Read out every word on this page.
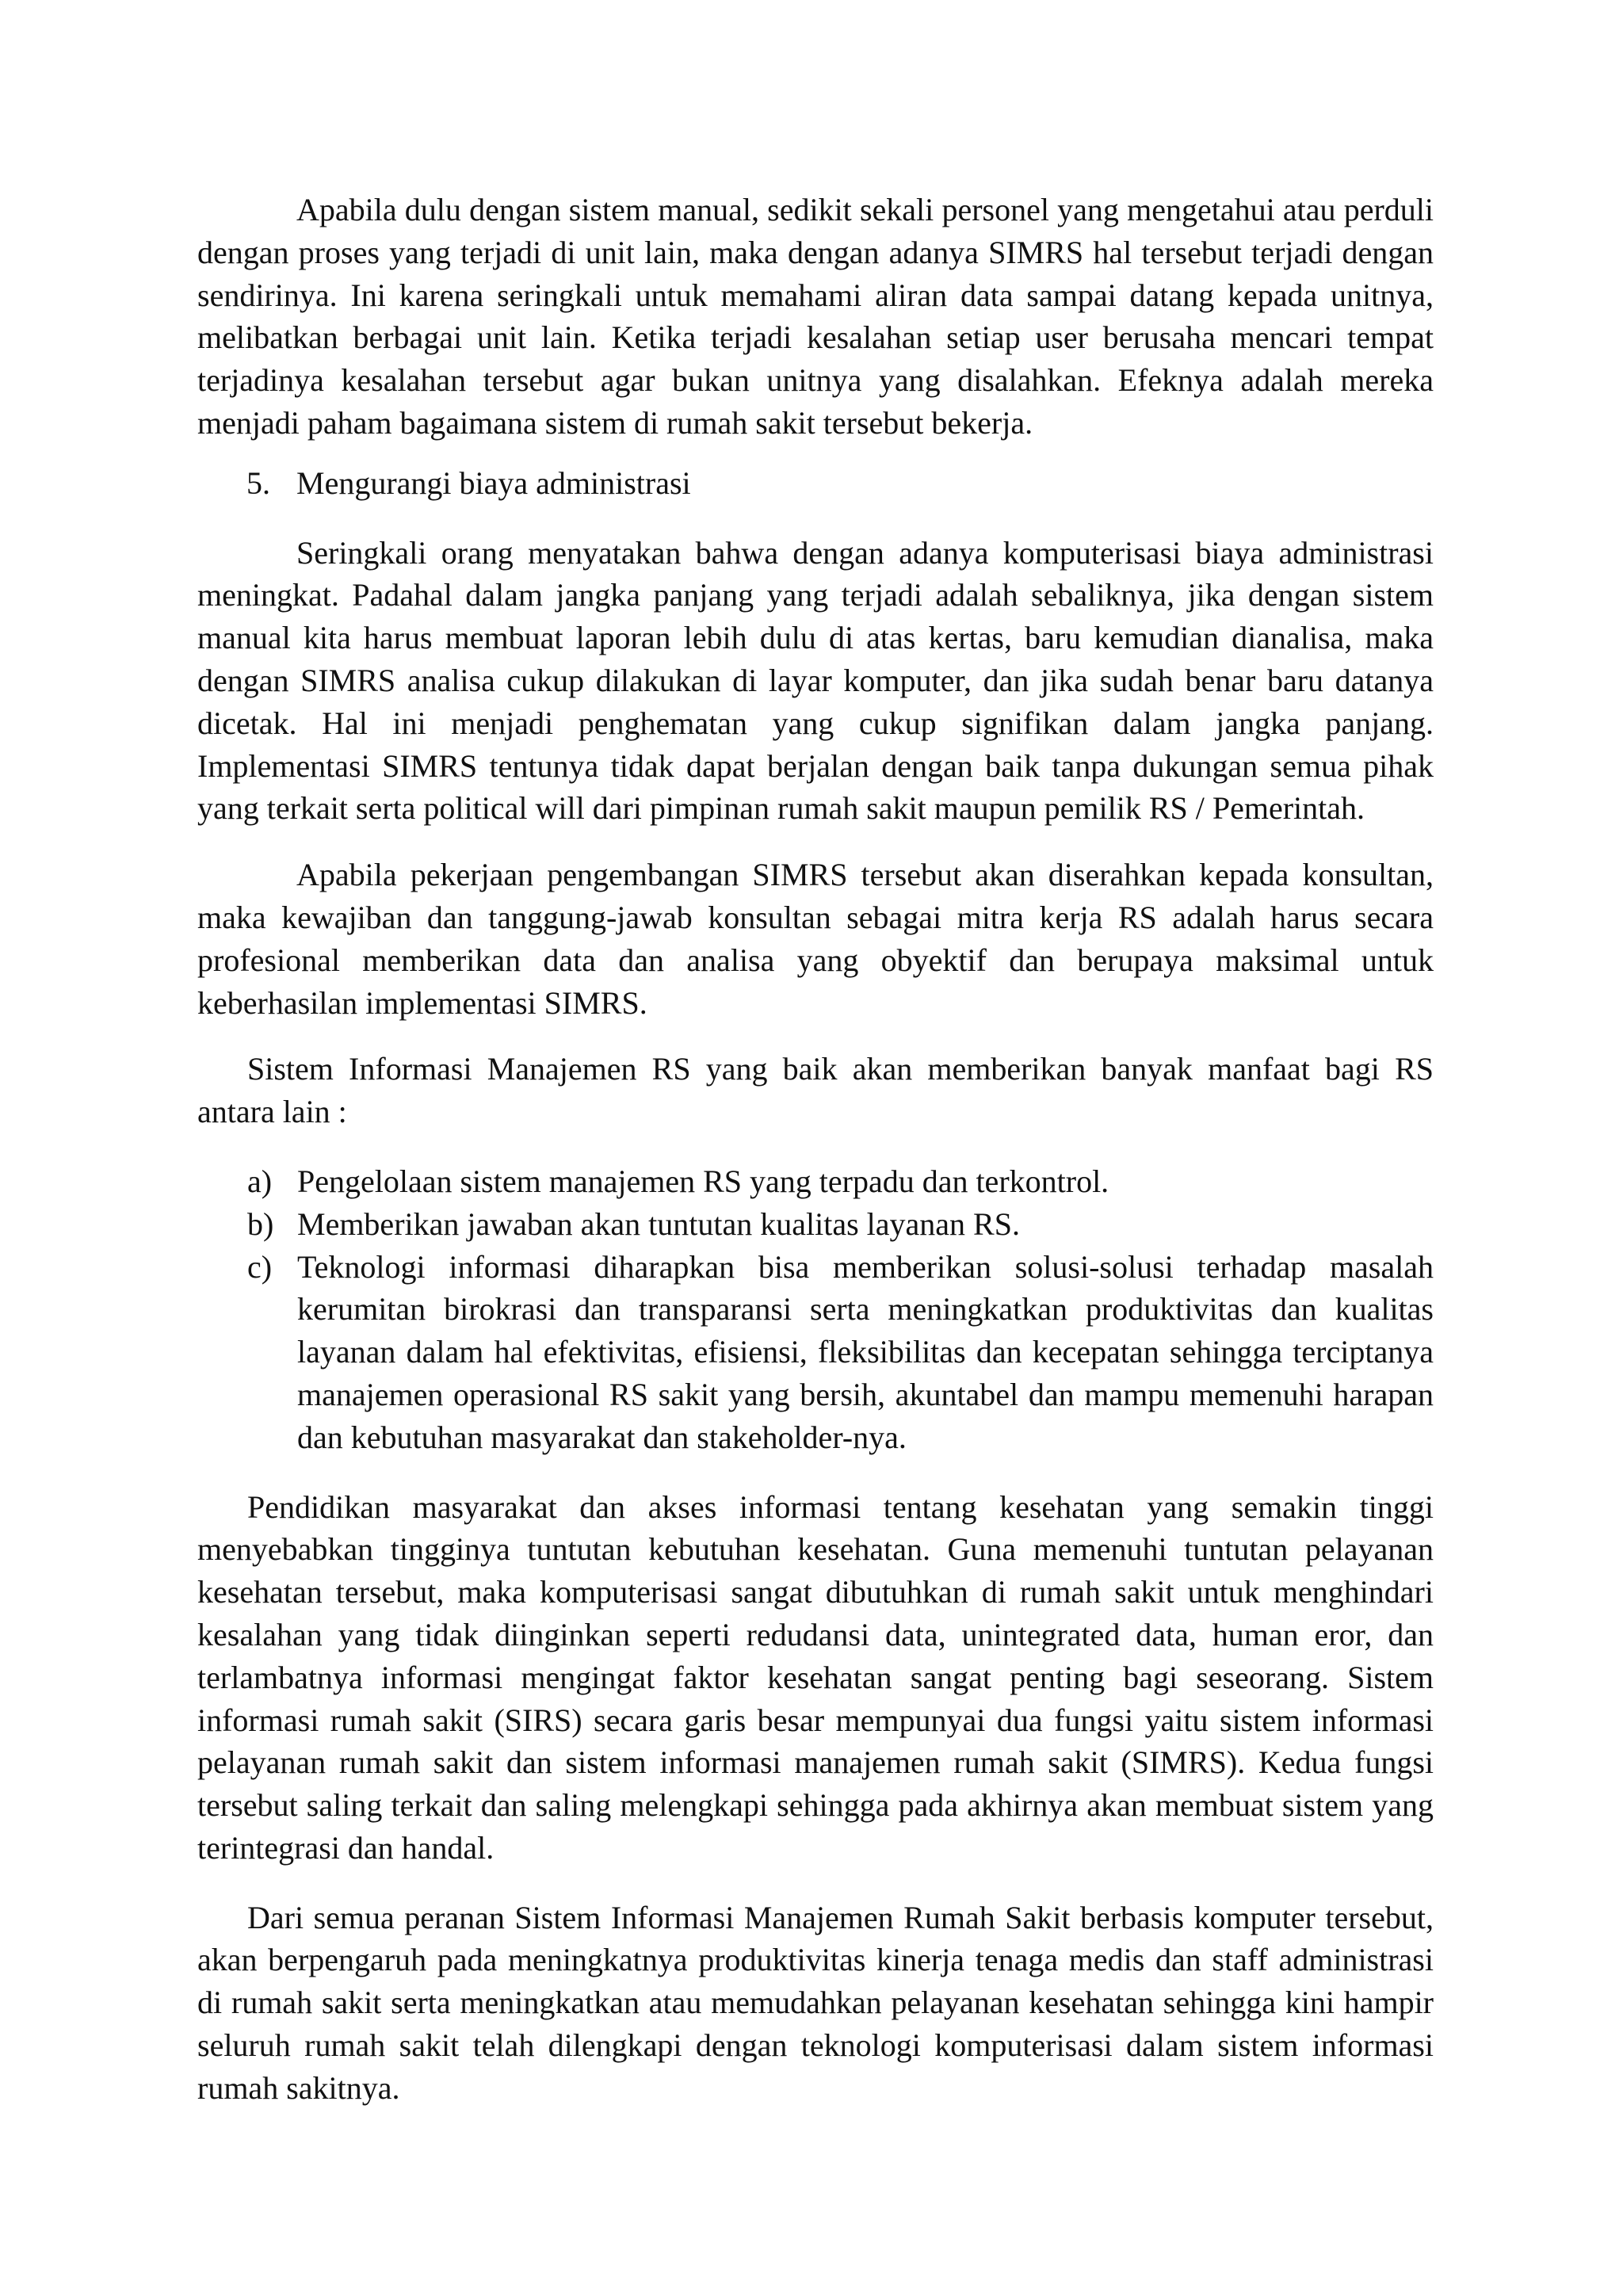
Apabila dulu dengan sistem manual, sedikit sekali personel yang mengetahui atau perduli dengan proses yang terjadi di unit lain, maka dengan adanya SIMRS hal tersebut terjadi dengan sendirinya. Ini karena seringkali untuk memahami aliran data sampai datang kepada unitnya, melibatkan berbagai unit lain. Ketika terjadi kesalahan setiap user berusaha mencari tempat terjadinya kesalahan tersebut agar bukan unitnya yang disalahkan. Efeknya adalah mereka menjadi paham bagaimana sistem di rumah sakit tersebut bekerja.

5. Mengurangi biaya administrasi

Seringkali orang menyatakan bahwa dengan adanya komputerisasi biaya administrasi meningkat. Padahal dalam jangka panjang yang terjadi adalah sebaliknya, jika dengan sistem manual kita harus membuat laporan lebih dulu di atas kertas, baru kemudian dianalisa, maka dengan SIMRS analisa cukup dilakukan di layar komputer, dan jika sudah benar baru datanya dicetak. Hal ini menjadi penghematan yang cukup signifikan dalam jangka panjang. Implementasi SIMRS tentunya tidak dapat berjalan dengan baik tanpa dukungan semua pihak yang terkait serta political will dari pimpinan rumah sakit maupun pemilik RS / Pemerintah.

Apabila pekerjaan pengembangan SIMRS tersebut akan diserahkan kepada konsultan, maka kewajiban dan tanggung-jawab konsultan sebagai mitra kerja RS adalah harus secara profesional memberikan data dan analisa yang obyektif dan berupaya maksimal untuk keberhasilan implementasi SIMRS.

Sistem Informasi Manajemen RS yang baik akan memberikan banyak manfaat bagi RS antara lain :

a) Pengelolaan sistem manajemen RS yang terpadu dan terkontrol.
b) Memberikan jawaban akan tuntutan kualitas layanan RS.
c) Teknologi informasi diharapkan bisa memberikan solusi-solusi terhadap masalah kerumitan birokrasi dan transparansi serta meningkatkan produktivitas dan kualitas layanan dalam hal efektivitas, efisiensi, fleksibilitas dan kecepatan sehingga terciptanya manajemen operasional RS sakit yang bersih, akuntabel dan mampu memenuhi harapan dan kebutuhan masyarakat dan stakeholder-nya.

Pendidikan masyarakat dan akses informasi tentang kesehatan yang semakin tinggi menyebabkan tingginya tuntutan kebutuhan kesehatan. Guna memenuhi tuntutan pelayanan kesehatan tersebut, maka komputerisasi sangat dibutuhkan di rumah sakit untuk menghindari kesalahan yang tidak diinginkan seperti redudansi data, unintegrated data, human eror, dan terlambatnya informasi mengingat faktor kesehatan sangat penting bagi seseorang. Sistem informasi rumah sakit (SIRS) secara garis besar mempunyai dua fungsi yaitu sistem informasi pelayanan rumah sakit dan sistem informasi manajemen rumah sakit (SIMRS). Kedua fungsi tersebut saling terkait dan saling melengkapi sehingga pada akhirnya akan membuat sistem yang terintegrasi dan handal.

Dari semua peranan Sistem Informasi Manajemen Rumah Sakit berbasis komputer tersebut, akan berpengaruh pada meningkatnya produktivitas kinerja tenaga medis dan staff administrasi di rumah sakit serta meningkatkan atau memudahkan pelayanan kesehatan sehingga kini hampir seluruh rumah sakit telah dilengkapi dengan teknologi komputerisasi dalam sistem informasi rumah sakitnya.
